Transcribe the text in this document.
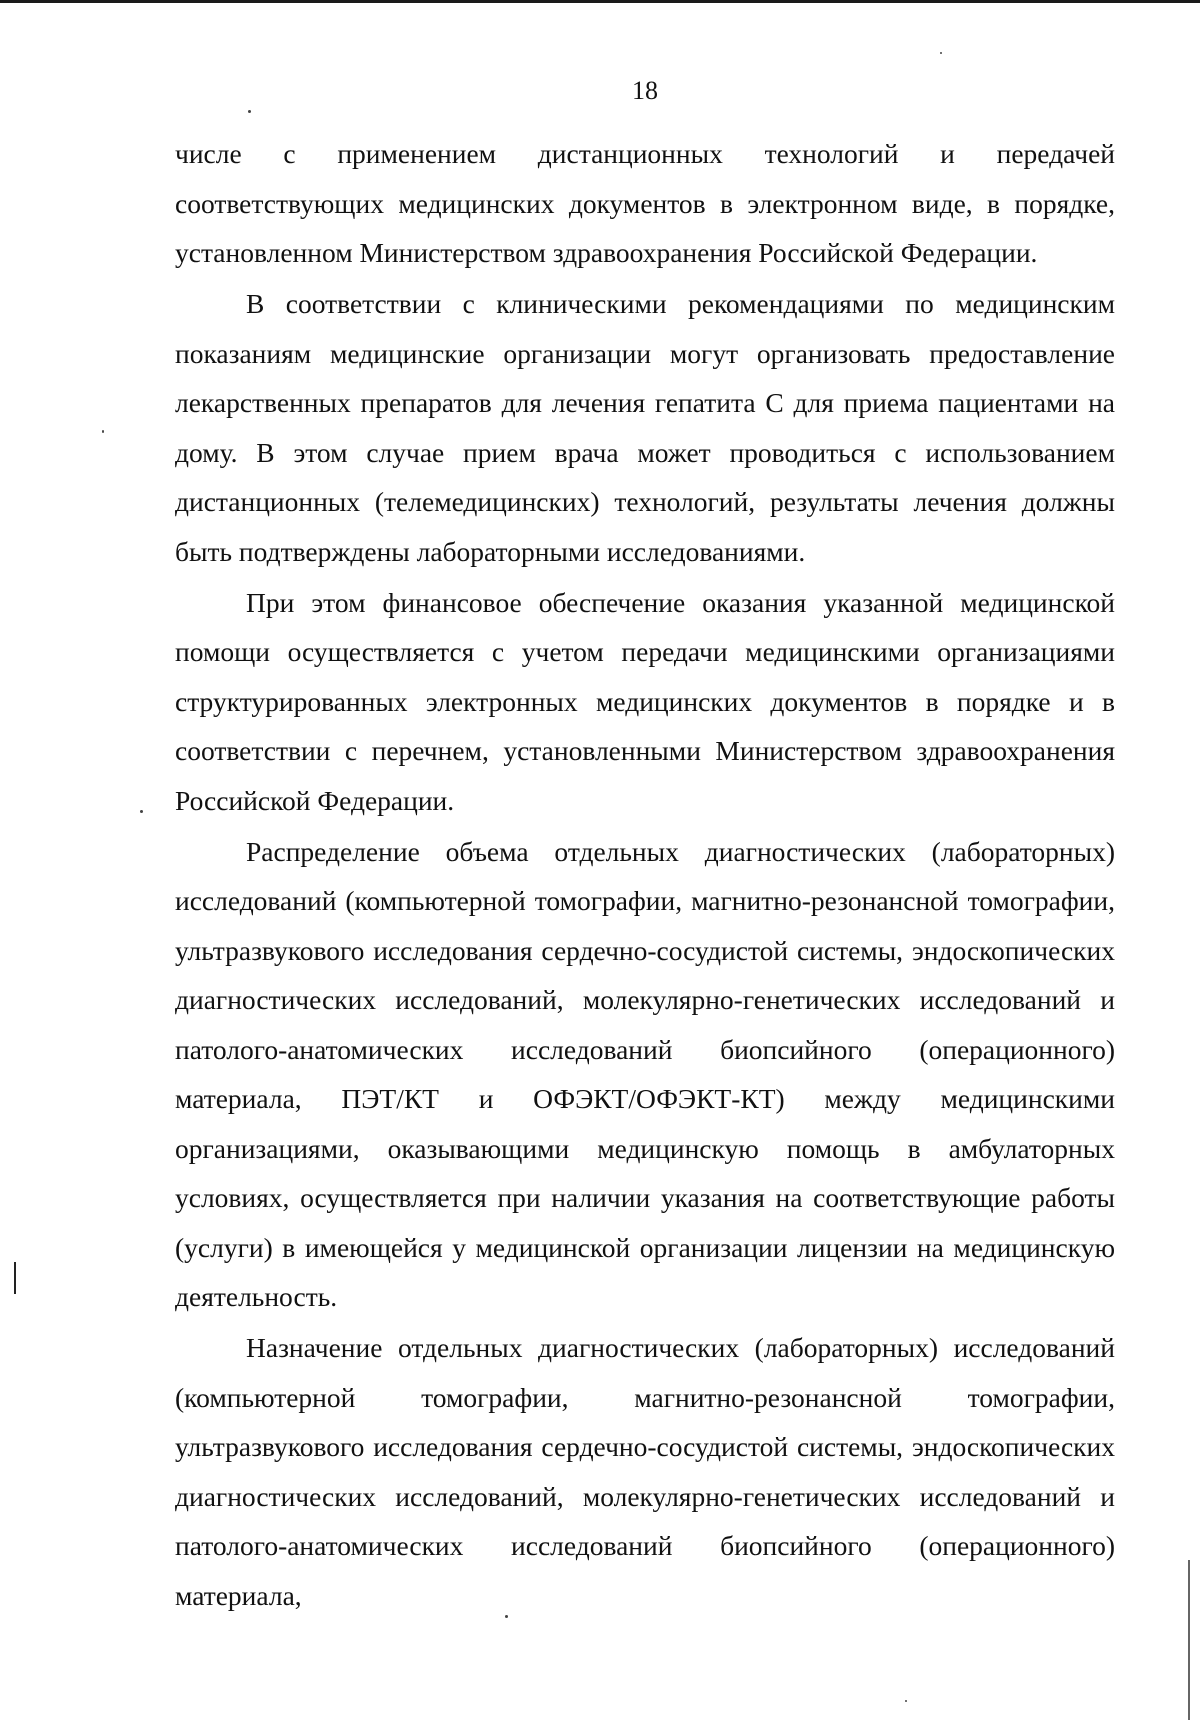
18

числе с применением дистанционных технологий и передачей соответствующих медицинских документов в электронном виде, в порядке, установленном Министерством здравоохранения Российской Федерации.

В соответствии с клиническими рекомендациями по медицинским показаниям медицинские организации могут организовать предоставление лекарственных препаратов для лечения гепатита С для приема пациентами на дому. В этом случае прием врача может проводиться с использованием дистанционных (телемедицинских) технологий, результаты лечения должны быть подтверждены лабораторными исследованиями.

При этом финансовое обеспечение оказания указанной медицинской помощи осуществляется с учетом передачи медицинскими организациями структурированных электронных медицинских документов в порядке и в соответствии с перечнем, установленными Министерством здравоохранения Российской Федерации.

Распределение объема отдельных диагностических (лабораторных) исследований (компьютерной томографии, магнитно-резонансной томографии, ультразвукового исследования сердечно-сосудистой системы, эндоскопических диагностических исследований, молекулярно-генетических исследований и патолого-анатомических исследований биопсийного (операционного) материала, ПЭТ/КТ и ОФЭКТ/ОФЭКТ-КТ) между медицинскими организациями, оказывающими медицинскую помощь в амбулаторных условиях, осуществляется при наличии указания на соответствующие работы (услуги) в имеющейся у медицинской организации лицензии на медицинскую деятельность.

Назначение отдельных диагностических (лабораторных) исследований (компьютерной томографии, магнитно-резонансной томографии, ультразвукового исследования сердечно-сосудистой системы, эндоскопических диагностических исследований, молекулярно-генетических исследований и патолого-анатомических исследований биопсийного (операционного) материала,
